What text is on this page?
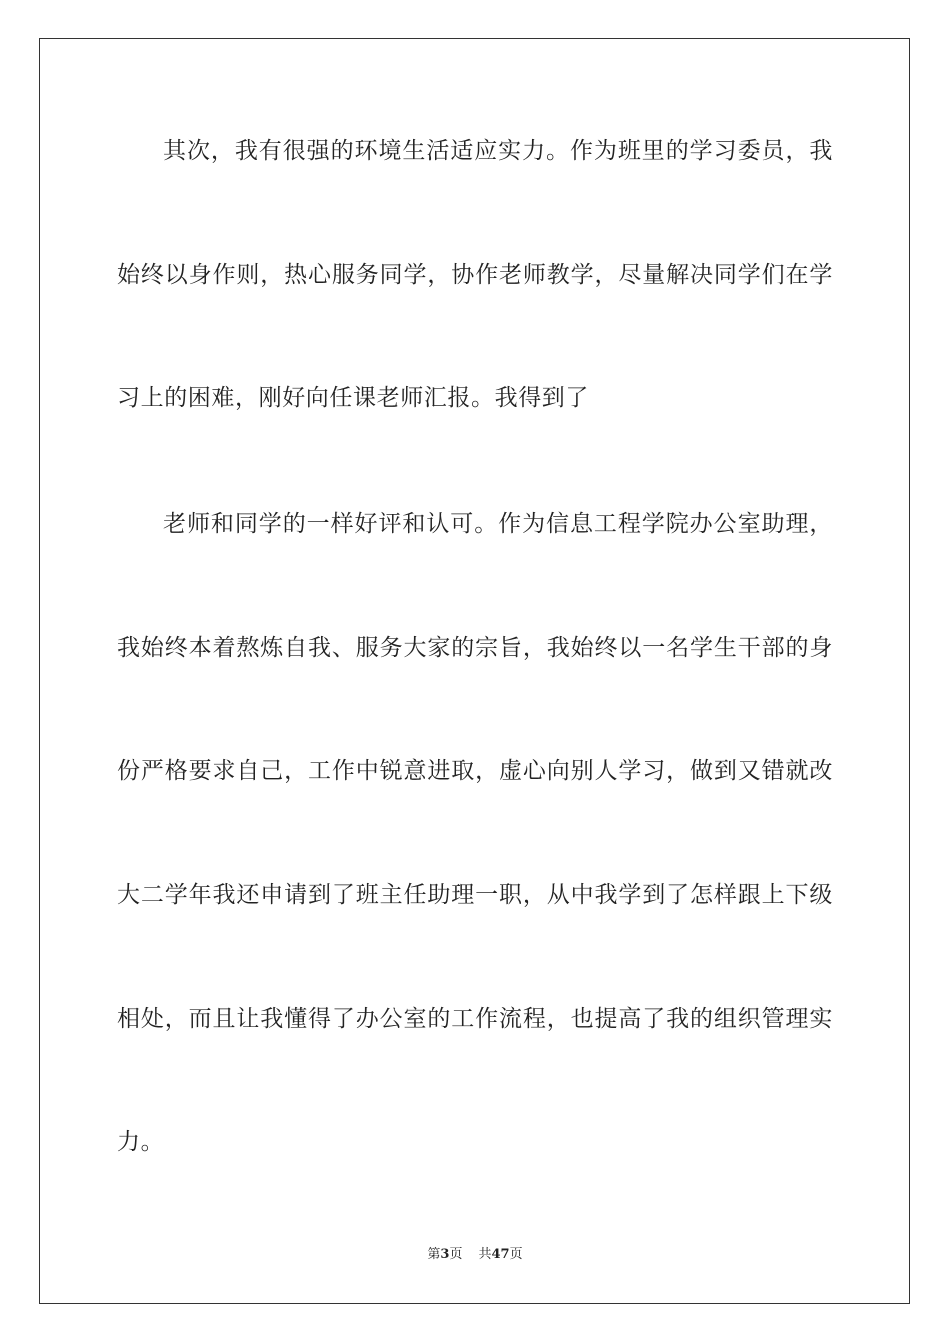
其次，我有很强的环境生活适应实力。作为班里的学习委员，我
始终以身作则，热心服务同学，协作老师教学，尽量解决同学们在学
习上的困难，刚好向任课老师汇报。我得到了
老师和同学的一样好评和认可。作为信息工程学院办公室助理，
我始终本着熬炼自我、服务大家的宗旨，我始终以一名学生干部的身
份严格要求自己，工作中锐意进取，虚心向别人学习，做到又错就改
大二学年我还申请到了班主任助理一职，从中我学到了怎样跟上下级
相处，而且让我懂得了办公室的工作流程，也提高了我的组织管理实
力。
第3页 共47页
